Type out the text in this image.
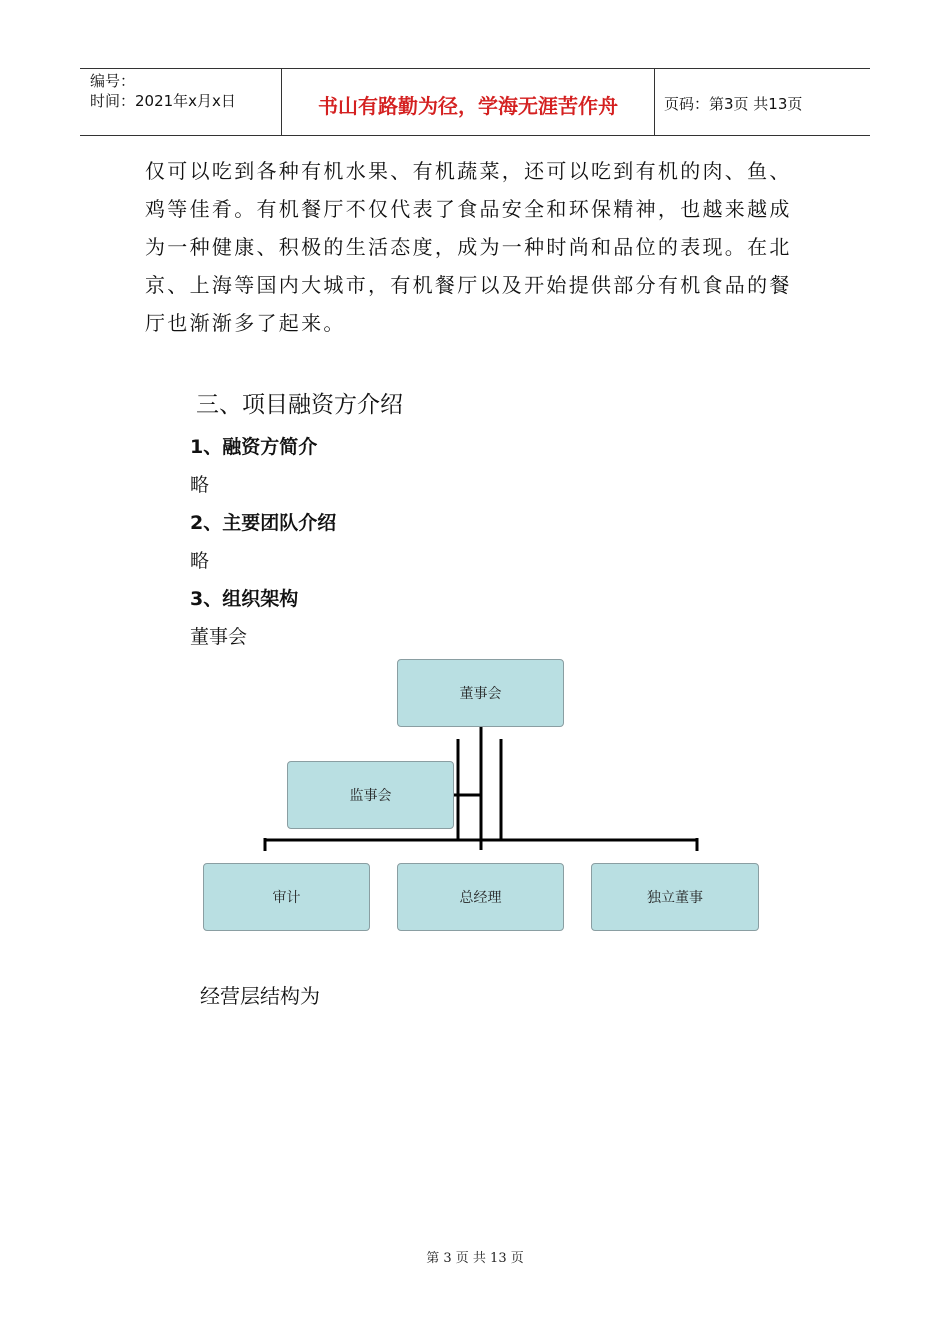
编号：
时间：2021年x月x日	书山有路勤为径，学海无涯苦作舟	页码：第3页 共13页
仅可以吃到各种有机水果、有机蔬菜，还可以吃到有机的肉、鱼、
鸡等佳肴。有机餐厅不仅代表了食品安全和环保精神，也越来越成
为一种健康、积极的生活态度，成为一种时尚和品位的表现。在北
京、上海等国内大城市，有机餐厅以及开始提供部分有机食品的餐
厅也渐渐多了起来。
三、项目融资方介绍
1、融资方简介
略
2、主要团队介绍
略
3、组织架构
董事会
董事会
监事会
审计	总经理	独立董事
经营层结构为
第 3 页 共 13 页
